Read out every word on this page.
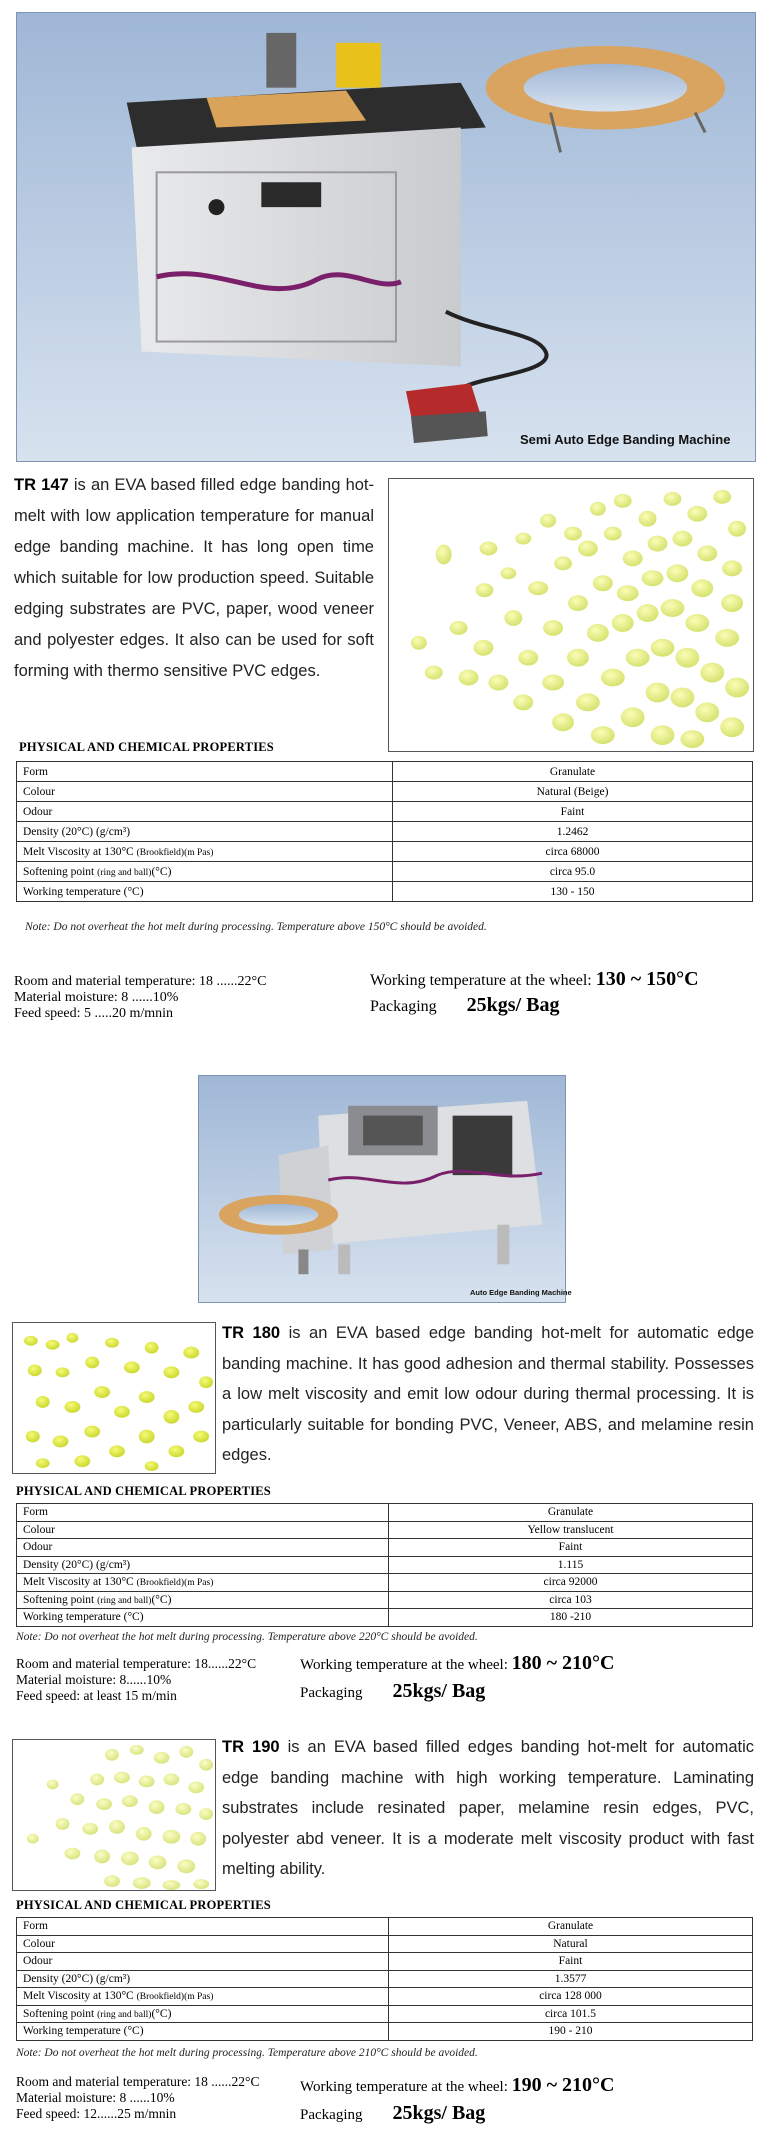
Semi Auto Edge Banding Machine
TR 147 is an EVA based filled edge banding hot-melt with low application temperature for manual edge banding machine. It has long open time which suitable for low production speed. Suitable edging substrates are PVC, paper, wood veneer and polyester edges. It also can be used for soft forming with thermo sensitive PVC edges.
PHYSICAL AND CHEMICAL PROPERTIES
Form	Granulate
Colour	Natural (Beige)
Odour	Faint
Density (20°C) (g/cm³)	1.2462
Melt Viscosity at 130°C (Brookfield)(m Pas)	circa 68000
Softening point (ring and ball)(°C)	circa 95.0
Working temperature (°C)	130 - 150
Note: Do not overheat the hot melt during processing. Temperature above 150°C should be avoided.
Room and material temperature: 18 ......22°C
Material moisture: 8 ......10%
Feed speed: 5 .....20 m/mnin
Working temperature at the wheel: 130 ~ 150°C
Packaging 25kgs/ Bag
Auto Edge Banding Machine
TR 180 is an EVA based edge banding hot-melt for automatic edge banding machine. It has good adhesion and thermal stability. Possesses a low melt viscosity and emit low odour during thermal processing. It is particularly suitable for bonding PVC, Veneer, ABS, and melamine resin edges.
PHYSICAL AND CHEMICAL PROPERTIES
Form	Granulate
Colour	Yellow translucent
Odour	Faint
Density (20°C) (g/cm³)	1.115
Melt Viscosity at 130°C (Brookfield)(m Pas)	circa 92000
Softening point (ring and ball)(°C)	circa 103
Working temperature (°C)	180 -210
Note: Do not overheat the hot melt during processing. Temperature above 220°C should be avoided.
Room and material temperature: 18......22°C
Material moisture: 8......10%
Feed speed: at least 15 m/min
Working temperature at the wheel: 180 ~ 210°C
Packaging 25kgs/ Bag
TR 190 is an EVA based filled edges banding hot-melt for automatic edge banding machine with high working temperature. Laminating substrates include resinated paper, melamine resin edges, PVC, polyester abd veneer. It is a moderate melt viscosity product with fast melting ability.
PHYSICAL AND CHEMICAL PROPERTIES
Form	Granulate
Colour	Natural
Odour	Faint
Density (20°C) (g/cm³)	1.3577
Melt Viscosity at 130°C (Brookfield)(m Pas)	circa 128 000
Softening point (ring and ball)(°C)	circa 101.5
Working temperature (°C)	190 - 210
Note: Do not overheat the hot melt during processing. Temperature above 210°C should be avoided.
Room and material temperature: 18 ......22°C
Material moisture: 8 ......10%
Feed speed: 12......25 m/mnin
Working temperature at the wheel: 190 ~ 210°C
Packaging 25kgs/ Bag
